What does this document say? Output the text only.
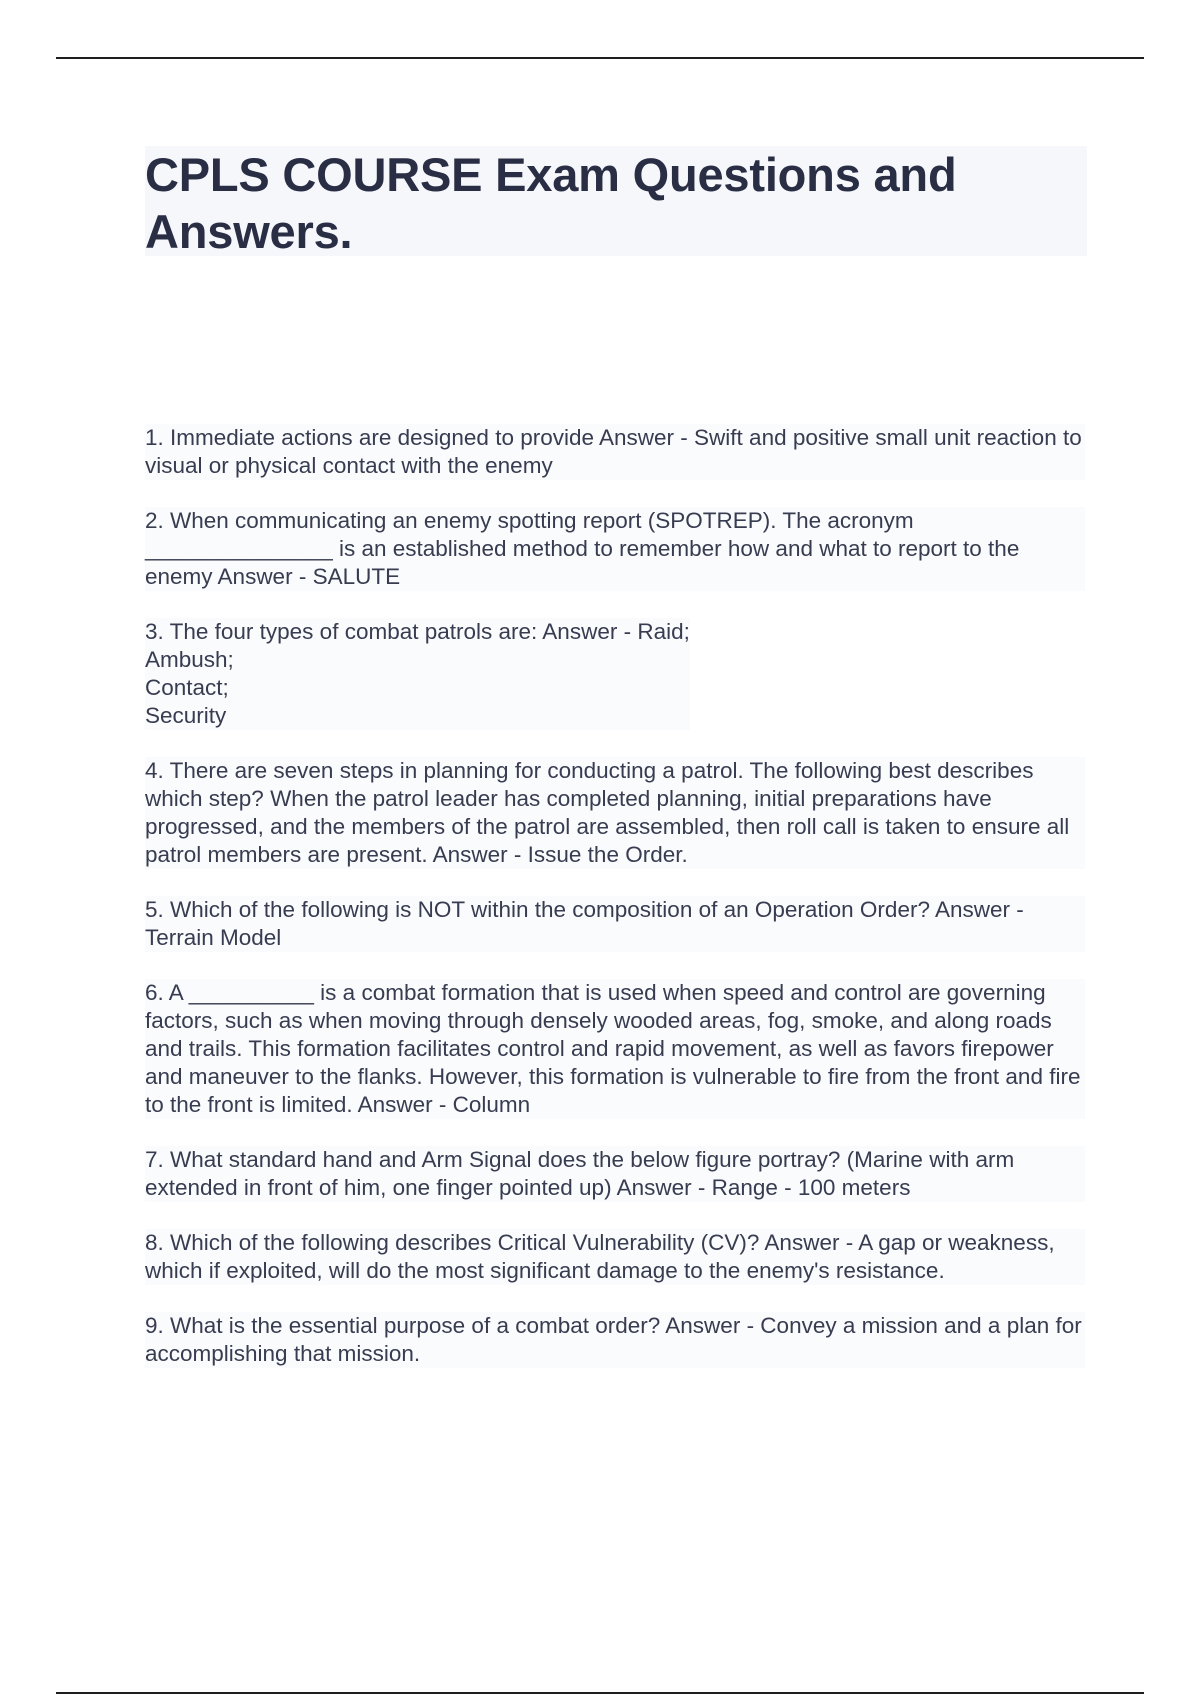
CPLS COURSE Exam Questions and Answers.

1. Immediate actions are designed to provide Answer - Swift and positive small unit reaction to visual or physical contact with the enemy

2. When communicating an enemy spotting report (SPOTREP). The acronym _______________ is an established method to remember how and what to report to the enemy Answer - SALUTE

3. The four types of combat patrols are: Answer - Raid;
Ambush;
Contact;
Security

4. There are seven steps in planning for conducting a patrol. The following best describes which step? When the patrol leader has completed planning, initial preparations have progressed, and the members of the patrol are assembled, then roll call is taken to ensure all patrol members are present. Answer - Issue the Order.

5. Which of the following is NOT within the composition of an Operation Order? Answer - Terrain Model

6. A __________ is a combat formation that is used when speed and control are governing factors, such as when moving through densely wooded areas, fog, smoke, and along roads and trails. This formation facilitates control and rapid movement, as well as favors firepower and maneuver to the flanks. However, this formation is vulnerable to fire from the front and fire to the front is limited. Answer - Column

7. What standard hand and Arm Signal does the below figure portray? (Marine with arm extended in front of him, one finger pointed up) Answer - Range - 100 meters

8. Which of the following describes Critical Vulnerability (CV)? Answer - A gap or weakness, which if exploited, will do the most significant damage to the enemy's resistance.

9. What is the essential purpose of a combat order? Answer - Convey a mission and a plan for accomplishing that mission.
